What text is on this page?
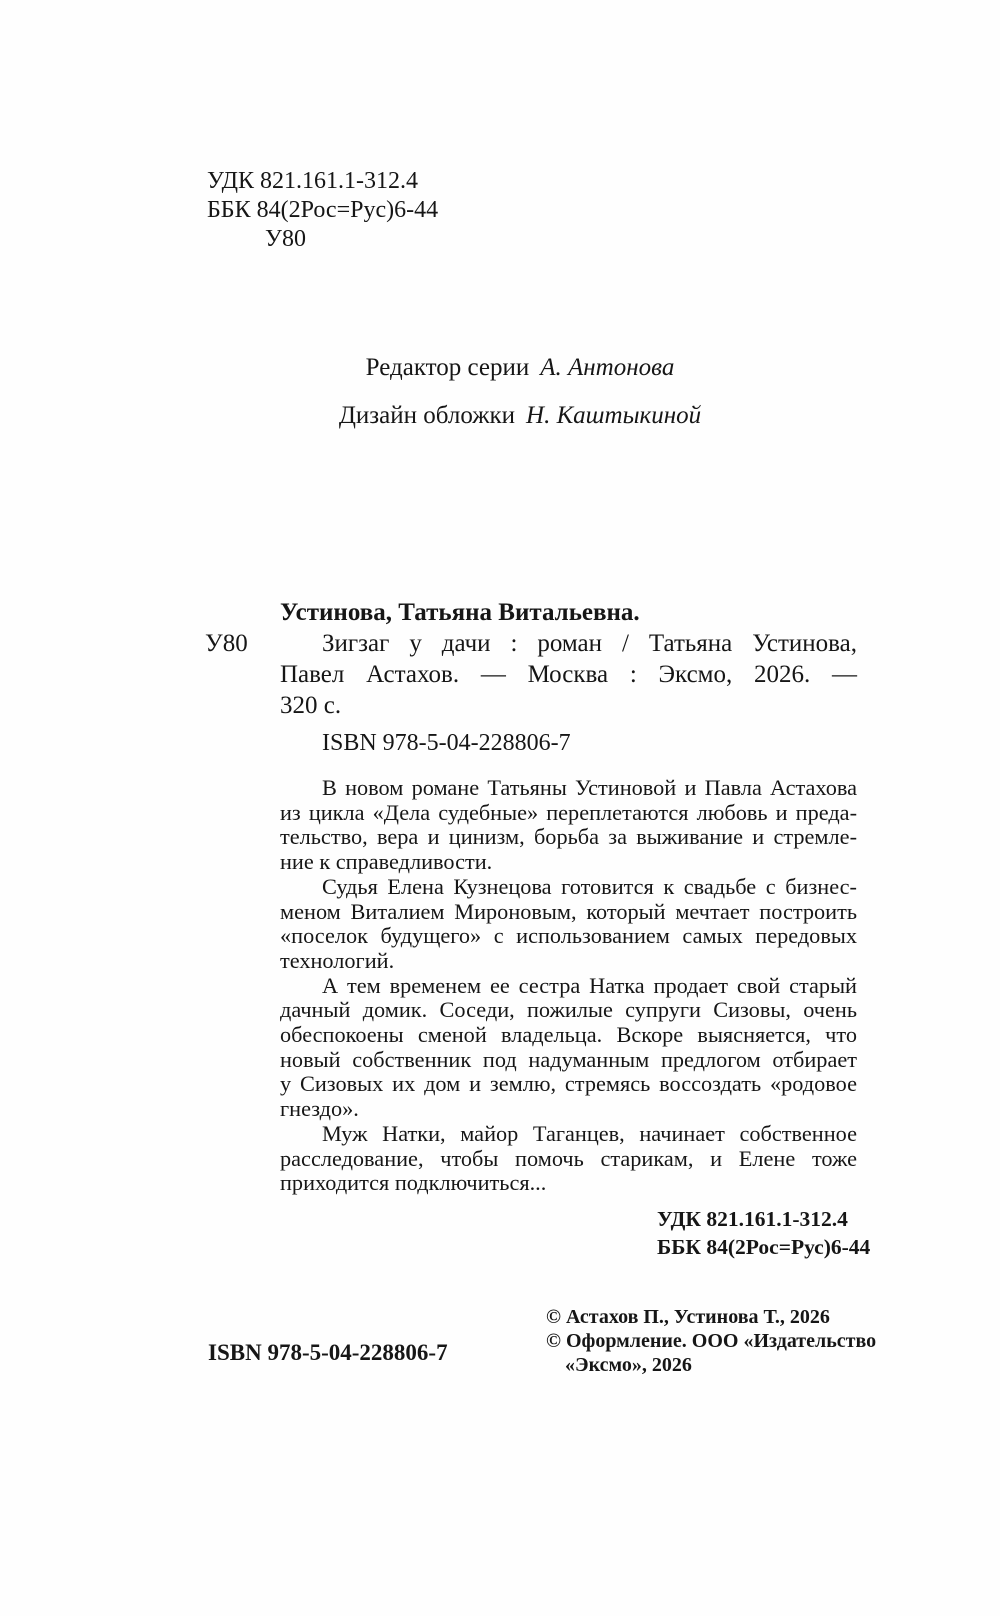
УДК 821.161.1-312.4
ББК 84(2Рос=Рус)6-44
У80
Редактор серии А. Антонова
Дизайн обложки Н. Каштыкиной
У80
Устинова, Татьяна Витальевна.
Зигзаг у дачи : роман / Татьяна Устинова,
Павел Астахов. — Москва : Эксмо, 2026. —
320 с.
ISBN 978-5-04-228806-7
В новом романе Татьяны Устиновой и Павла Астахова
из цикла «Дела судебные» переплетаются любовь и преда-
тельство, вера и цинизм, борьба за выживание и стремле-
ние к справедливости.
Судья Елена Кузнецова готовится к свадьбе с бизнес-
меном Виталием Мироновым, который мечтает построить
«поселок будущего» с использованием самых передовых
технологий.
А тем временем ее сестра Натка продает свой старый
дачный домик. Соседи, пожилые супруги Сизовы, очень
обеспокоены сменой владельца. Вскоре выясняется, что
новый собственник под надуманным предлогом отбирает
у Сизовых их дом и землю, стремясь воссоздать «родовое
гнездо».
Муж Натки, майор Таганцев, начинает собственное
расследование, чтобы помочь старикам, и Елене тоже
приходится подключиться...
УДК 821.161.1-312.4
ББК 84(2Рос=Рус)6-44
ISBN 978-5-04-228806-7
© Астахов П., Устинова Т., 2026
© Оформление. ООО «Издательство
«Эксмо», 2026
